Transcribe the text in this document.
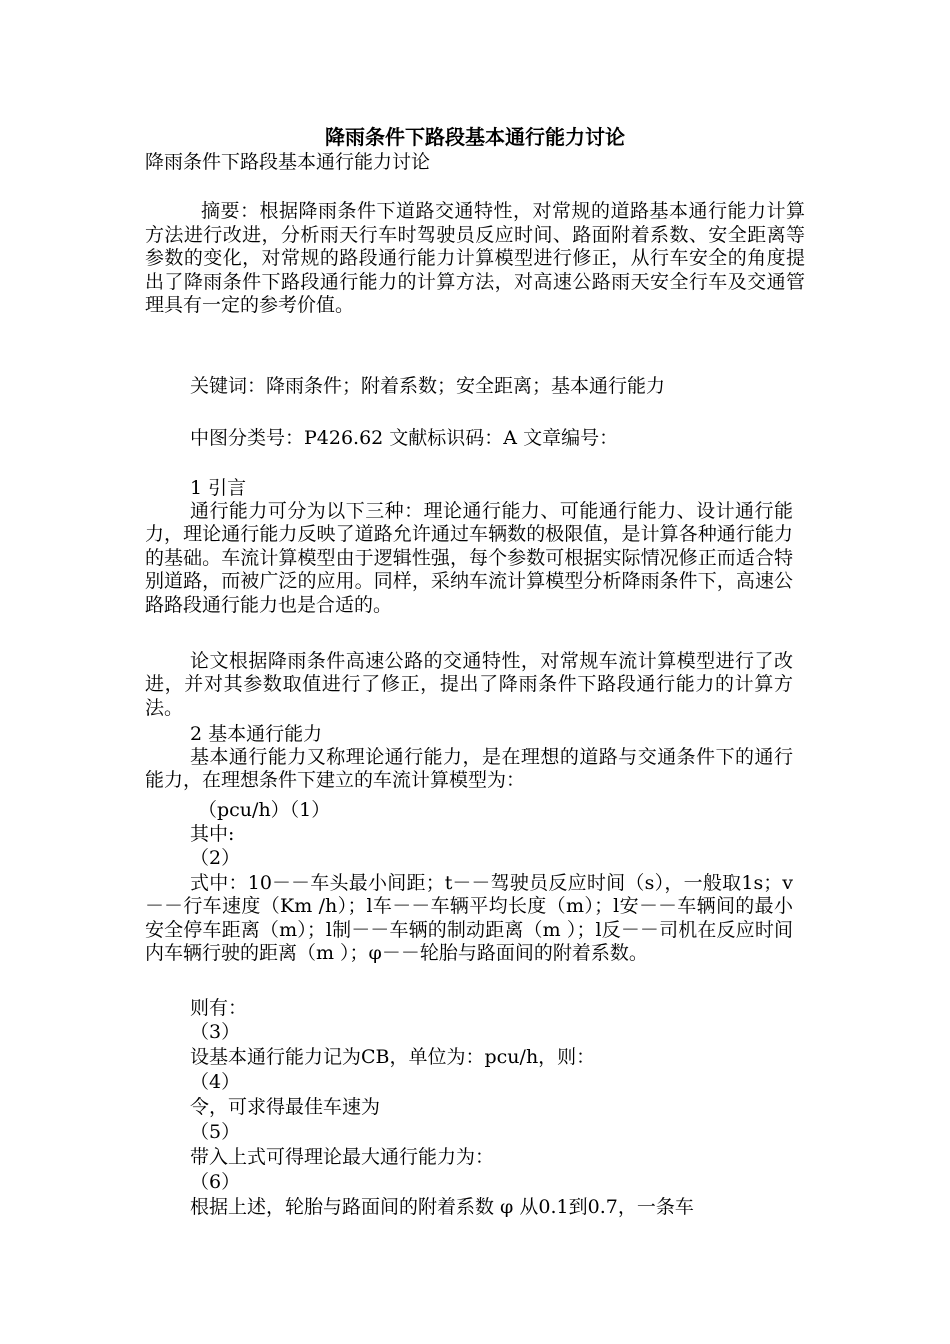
降雨条件下路段基本通行能力讨论
降雨条件下路段基本通行能力讨论
摘要：根据降雨条件下道路交通特性，对常规的道路基本通行能力计算方法进行改进，分析雨天行车时驾驶员反应时间、路面附着系数、安全距离等参数的变化，对常规的路段通行能力计算模型进行修正，从行车安全的角度提出了降雨条件下路段通行能力的计算方法，对高速公路雨天安全行车及交通管理具有一定的参考价值。
关键词：降雨条件；附着系数；安全距离；基本通行能力
中图分类号：P426.62 文献标识码：A 文章编号：
1 引言
通行能力可分为以下三种：理论通行能力、可能通行能力、设计通行能力，理论通行能力反映了道路允许通过车辆数的极限值，是计算各种通行能力的基础。车流计算模型由于逻辑性强，每个参数可根据实际情况修正而适合特别道路，而被广泛的应用。同样，采纳车流计算模型分析降雨条件下，高速公路路段通行能力也是合适的。
论文根据降雨条件高速公路的交通特性，对常规车流计算模型进行了改进，并对其参数取值进行了修正，提出了降雨条件下路段通行能力的计算方法。
2 基本通行能力
基本通行能力又称理论通行能力，是在理想的道路与交通条件下的通行能力，在理想条件下建立的车流计算模型为：
（pcu/h）（1）
其中:
（2）
式中：10－－车头最小间距；t－－驾驶员反应时间（s），一般取1s；v－－行车速度（Km /h）；l车－－车辆平均长度（m）；l安－－车辆间的最小安全停车距离（m）；l制－－车辆的制动距离（m ）；l反－－司机在反应时间内车辆行驶的距离（m ）；φ－－轮胎与路面间的附着系数。
则有：
（3）
设基本通行能力记为CB，单位为：pcu/h，则：
（4）
令，可求得最佳车速为
（5）
带入上式可得理论最大通行能力为：
（6）
根据上述，轮胎与路面间的附着系数 φ 从0.1到0.7，一条车
